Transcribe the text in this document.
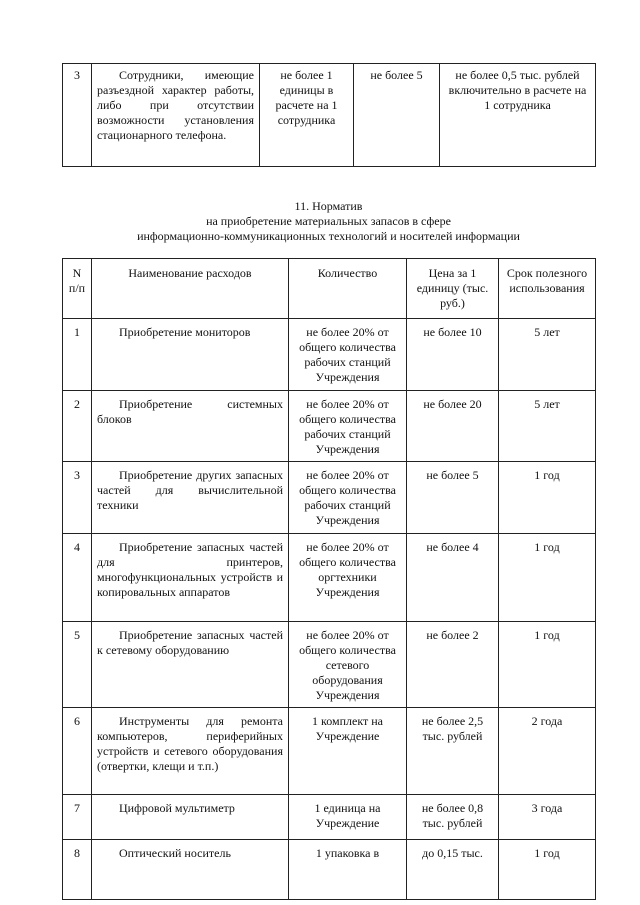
3	Сотрудники, имеющие разъездной характер работы, либо при отсутствии возможности установления стационарного телефона.	не более 1 единицы в расчете на 1 сотрудника	не более 5	не более 0,5 тыс. рублей включительно в расчете на 1 сотрудника
11. Норматив
на приобретение материальных запасов в сфере
информационно-коммуникационных технологий и носителей информации
N п/п	Наименование расходов	Количество	Цена за 1 единицу (тыс. руб.)	Срок полезного использования
1	Приобретение мониторов	не более 20% от общего количества рабочих станций Учреждения	не более 10	5 лет
2	Приобретение системных блоков	не более 20% от общего количества рабочих станций Учреждения	не более 20	5 лет
3	Приобретение других запасных частей для вычислительной техники	не более 20% от общего количества рабочих станций Учреждения	не более 5	1 год
4	Приобретение запасных частей для принтеров, многофункциональных устройств и копировальных аппаратов	не более 20% от общего количества оргтехники Учреждения	не более 4	1 год
5	Приобретение запасных частей к сетевому оборудованию	не более 20% от общего количества сетевого оборудования Учреждения	не более 2	1 год
6	Инструменты для ремонта компьютеров, периферийных устройств и сетевого оборудования (отвертки, клещи и т.п.)	1 комплект на Учреждение	не более 2,5 тыс. рублей	2 года
7	Цифровой мультиметр	1 единица на Учреждение	не более 0,8 тыс. рублей	3 года
8	Оптический носитель	1 упаковка в	до 0,15 тыс.	1 год
